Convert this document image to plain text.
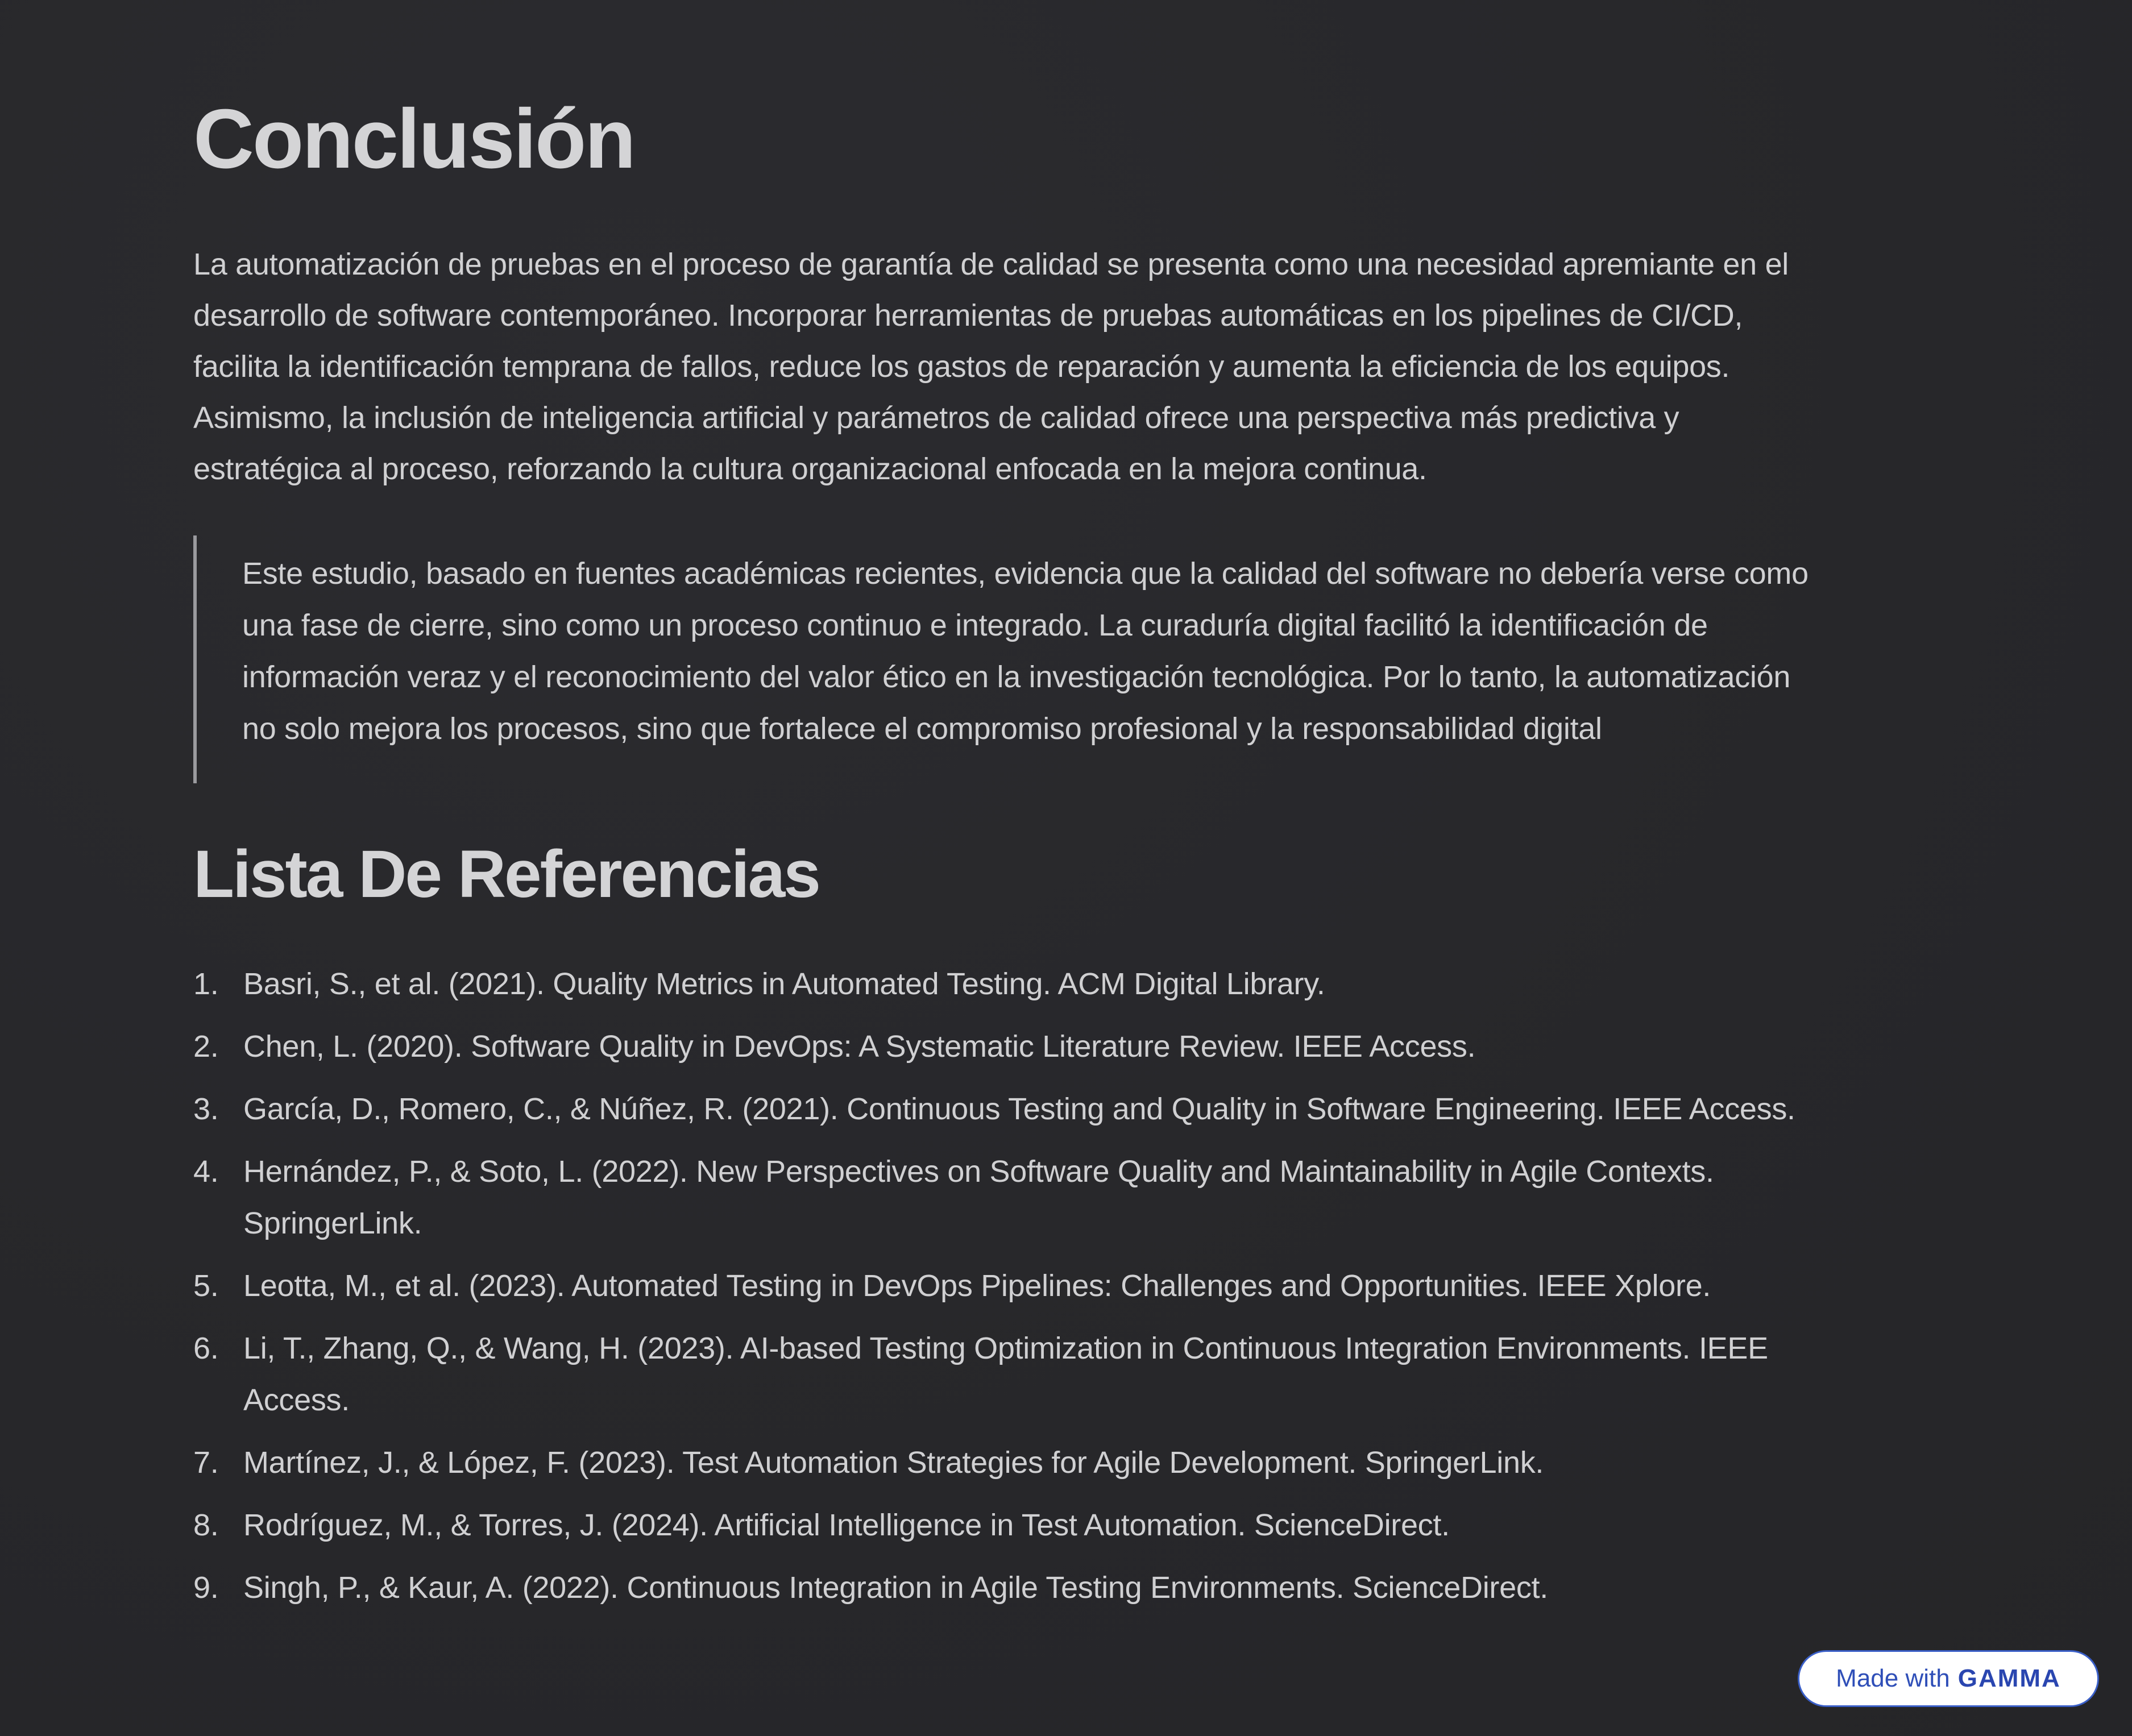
Conclusión
La automatización de pruebas en el proceso de garantía de calidad se presenta como una necesidad apremiante en el
desarrollo de software contemporáneo. Incorporar herramientas de pruebas automáticas en los pipelines de CI/CD,
facilita la identificación temprana de fallos, reduce los gastos de reparación y aumenta la eficiencia de los equipos.
Asimismo, la inclusión de inteligencia artificial y parámetros de calidad ofrece una perspectiva más predictiva y
estratégica al proceso, reforzando la cultura organizacional enfocada en la mejora continua.
Este estudio, basado en fuentes académicas recientes, evidencia que la calidad del software no debería verse como
una fase de cierre, sino como un proceso continuo e integrado. La curaduría digital facilitó la identificación de
información veraz y el reconocimiento del valor ético en la investigación tecnológica. Por lo tanto, la automatización
no solo mejora los procesos, sino que fortalece el compromiso profesional y la responsabilidad digital
Lista De Referencias
1. Basri, S., et al. (2021). Quality Metrics in Automated Testing. ACM Digital Library.
2. Chen, L. (2020). Software Quality in DevOps: A Systematic Literature Review. IEEE Access.
3. García, D., Romero, C., & Núñez, R. (2021). Continuous Testing and Quality in Software Engineering. IEEE Access.
4. Hernández, P., & Soto, L. (2022). New Perspectives on Software Quality and Maintainability in Agile Contexts.
SpringerLink.
5. Leotta, M., et al. (2023). Automated Testing in DevOps Pipelines: Challenges and Opportunities. IEEE Xplore.
6. Li, T., Zhang, Q., & Wang, H. (2023). AI-based Testing Optimization in Continuous Integration Environments. IEEE
Access.
7. Martínez, J., & López, F. (2023). Test Automation Strategies for Agile Development. SpringerLink.
8. Rodríguez, M., & Torres, J. (2024). Artificial Intelligence in Test Automation. ScienceDirect.
9. Singh, P., & Kaur, A. (2022). Continuous Integration in Agile Testing Environments. ScienceDirect.
Made with GAMMA
